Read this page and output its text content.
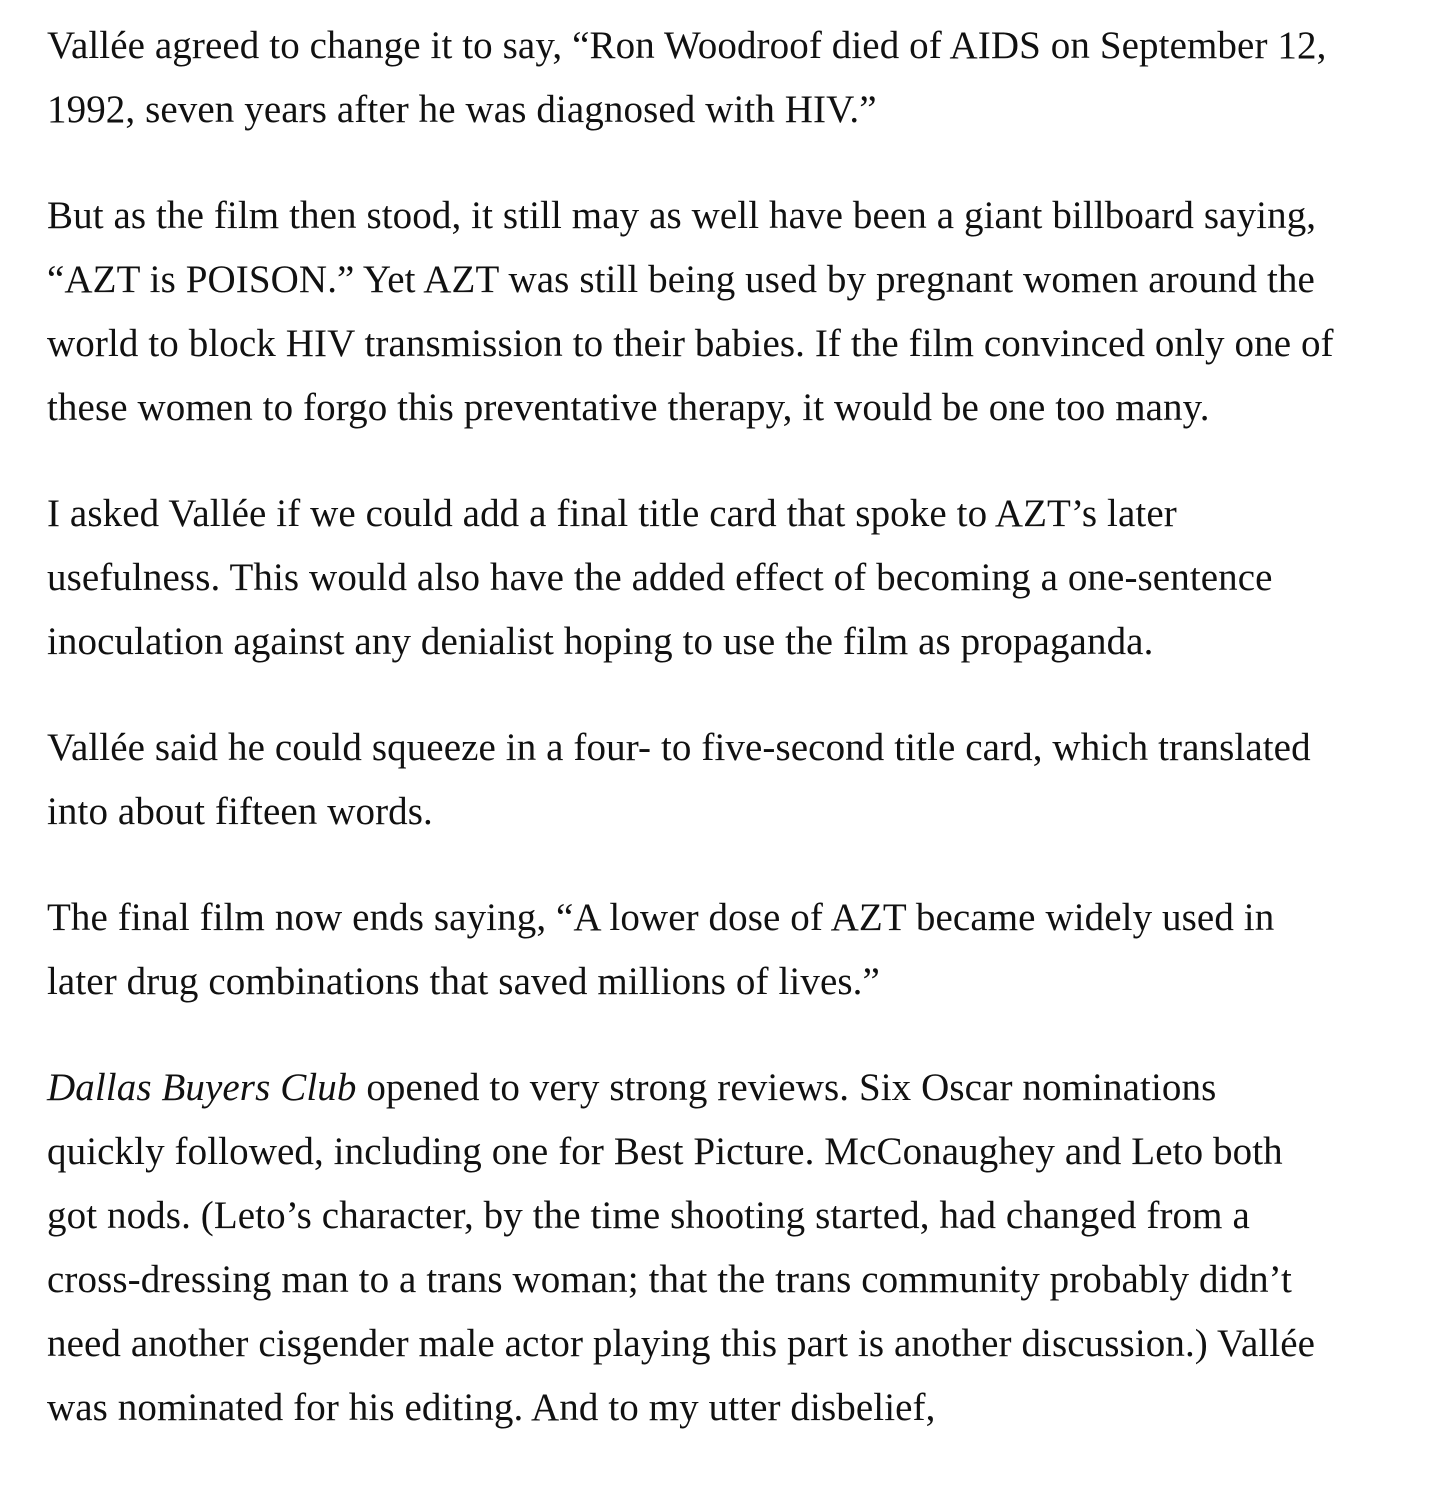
Vallée agreed to change it to say, “Ron Woodroof died of AIDS on September 12, 1992, seven years after he was diagnosed with HIV.”

But as the film then stood, it still may as well have been a giant billboard saying, “AZT is POISON.” Yet AZT was still being used by pregnant women around the world to block HIV transmission to their babies. If the film convinced only one of these women to forgo this preventative therapy, it would be one too many.

I asked Vallée if we could add a final title card that spoke to AZT’s later usefulness. This would also have the added effect of becoming a one-sentence inoculation against any denialist hoping to use the film as propaganda.

Vallée said he could squeeze in a four- to five-second title card, which translated into about fifteen words.

The final film now ends saying, “A lower dose of AZT became widely used in later drug combinations that saved millions of lives.”

Dallas Buyers Club opened to very strong reviews. Six Oscar nominations quickly followed, including one for Best Picture. McConaughey and Leto both got nods. (Leto’s character, by the time shooting started, had changed from a cross-dressing man to a trans woman; that the trans community probably didn’t need another cisgender male actor playing this part is another discussion.) Vallée was nominated for his editing. And to my utter disbelief,
